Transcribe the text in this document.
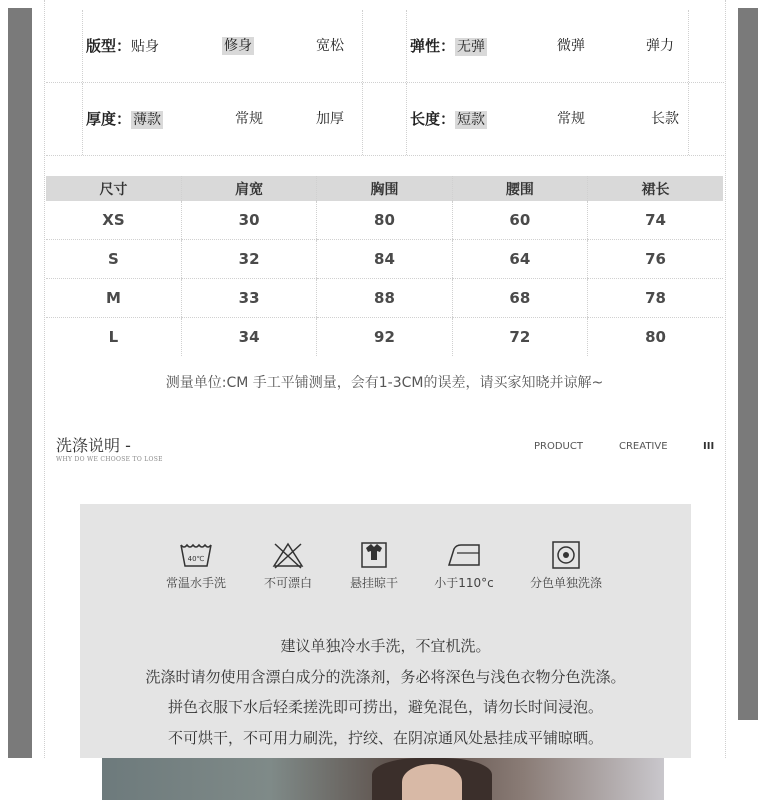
版型：贴身	修身	宽松	弹性： 无弹	微弹	弹力
厚度： 薄款	常规	加厚	长度： 短款	常规	长款
尺寸	肩宽	胸围	腰围	裙长
XS	30	80	60	74
S	32	84	64	76
M	33	88	68	78
L	34	92	72	80
测量单位:CM 手工平铺测量，会有1-3CM的误差，请买家知晓并谅解~
洗涤说明 -
WHY DO WE CHOOSE TO LOSE
PRODUCT	CREATIVE	III
40℃
常温水手洗	不可漂白	悬挂晾干	小于110°c	分色单独洗涤
建议单独冷水手洗，不宜机洗。
洗涤时请勿使用含漂白成分的洗涤剂，务必将深色与浅色衣物分色洗涤。
拼色衣服下水后轻柔搓洗即可捞出，避免混色，请勿长时间浸泡。
不可烘干，不可用力刷洗，拧绞、在阴凉通风处悬挂成平铺晾晒。
